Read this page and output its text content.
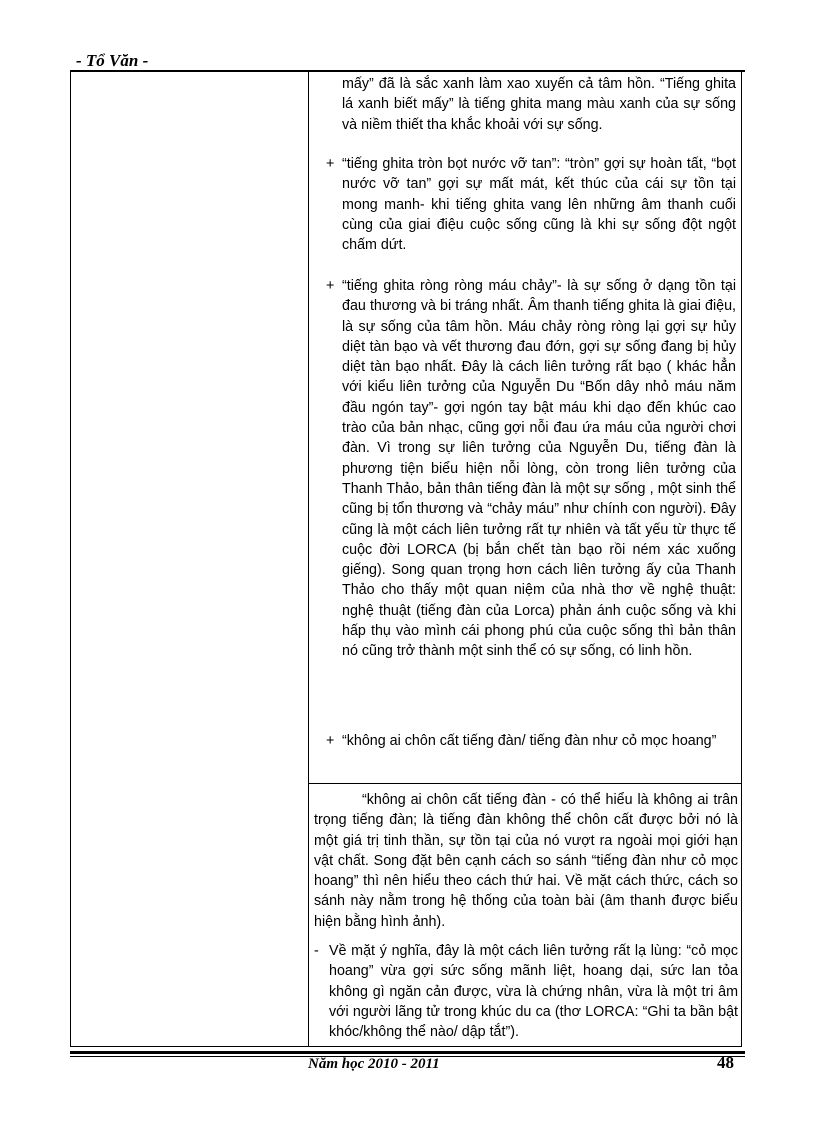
- Tổ Văn -

mấy” đã là sắc xanh làm xao xuyến cả tâm hồn. “Tiếng ghita lá xanh biết mấy” là tiếng ghita mang màu xanh của sự sống và niềm thiết tha khắc khoải với sự sống.

+ “tiếng ghita tròn bọt nước vỡ tan”: “tròn” gợi sự hoàn tất, “bọt nước vỡ tan” gợi sự mất mát, kết thúc của cái sự tồn tại mong manh- khi tiếng ghita vang lên những âm thanh cuối cùng của giai điệu cuộc sống cũng là khi sự sống đột ngột chấm dứt.

+ “tiếng ghita ròng ròng máu chảy”- là sự sống ở dạng tồn tại đau thương và bi tráng nhất. Âm thanh tiếng ghita là giai điệu, là sự sống của tâm hồn. Máu chảy ròng ròng lại gợi sự hủy diệt tàn bạo và vết thương đau đớn, gợi sự sống đang bị hủy diệt tàn bạo nhất. Đây là cách liên tưởng rất bạo ( khác hẳn với kiểu liên tưởng của Nguyễn Du “Bốn dây nhỏ máu năm đầu ngón tay”- gợi ngón tay bật máu khi dạo đến khúc cao trào của bản nhạc, cũng gợi nỗi đau ứa máu của người chơi đàn. Vì trong sự liên tưởng của Nguyễn Du, tiếng đàn là phương tiện biểu hiện nỗi lòng, còn trong liên tưởng của Thanh Thảo, bản thân tiếng đàn là một sự sống , một sinh thể cũng bị tổn thương và “chảy máu” như chính con người). Đây cũng là một cách liên tưởng rất tự nhiên và tất yếu từ thực tế cuộc đời LORCA (bị bắn chết tàn bạo rồi ném xác xuống giếng). Song quan trọng hơn cách liên tưởng ấy của Thanh Thảo cho thấy một quan niệm của nhà thơ về nghệ thuật: nghệ thuật (tiếng đàn của Lorca) phản ánh cuộc sống và khi hấp thụ vào mình cái phong phú của cuộc sống thì bản thân nó cũng trở thành một sinh thể có sự sống, có linh hồn.

+ “không ai chôn cất tiếng đàn/ tiếng đàn như cỏ mọc hoang”

“không ai chôn cất tiếng đàn - có thể hiểu là không ai trân trọng tiếng đàn; là tiếng đàn không thể chôn cất được bởi nó là một giá trị tinh thần, sự tồn tại của nó vượt ra ngoài mọi giới hạn vật chất. Song đặt bên cạnh cách so sánh “tiếng đàn như cỏ mọc hoang” thì nên hiểu theo cách thứ hai. Về mặt cách thức, cách so sánh này nằm trong hệ thống của toàn bài (âm thanh được biểu hiện bằng hình ảnh).

- Về mặt ý nghĩa, đây là một cách liên tưởng rất lạ lùng: “cỏ mọc hoang” vừa gợi sức sống mãnh liệt, hoang dại, sức lan tỏa không gì ngăn cản được, vừa là chứng nhân, vừa là một tri âm với người lãng tử trong khúc du ca (thơ LORCA: “Ghi ta bần bật khóc/không thể nào/ dập tắt”).

Năm học 2010 - 2011	48
